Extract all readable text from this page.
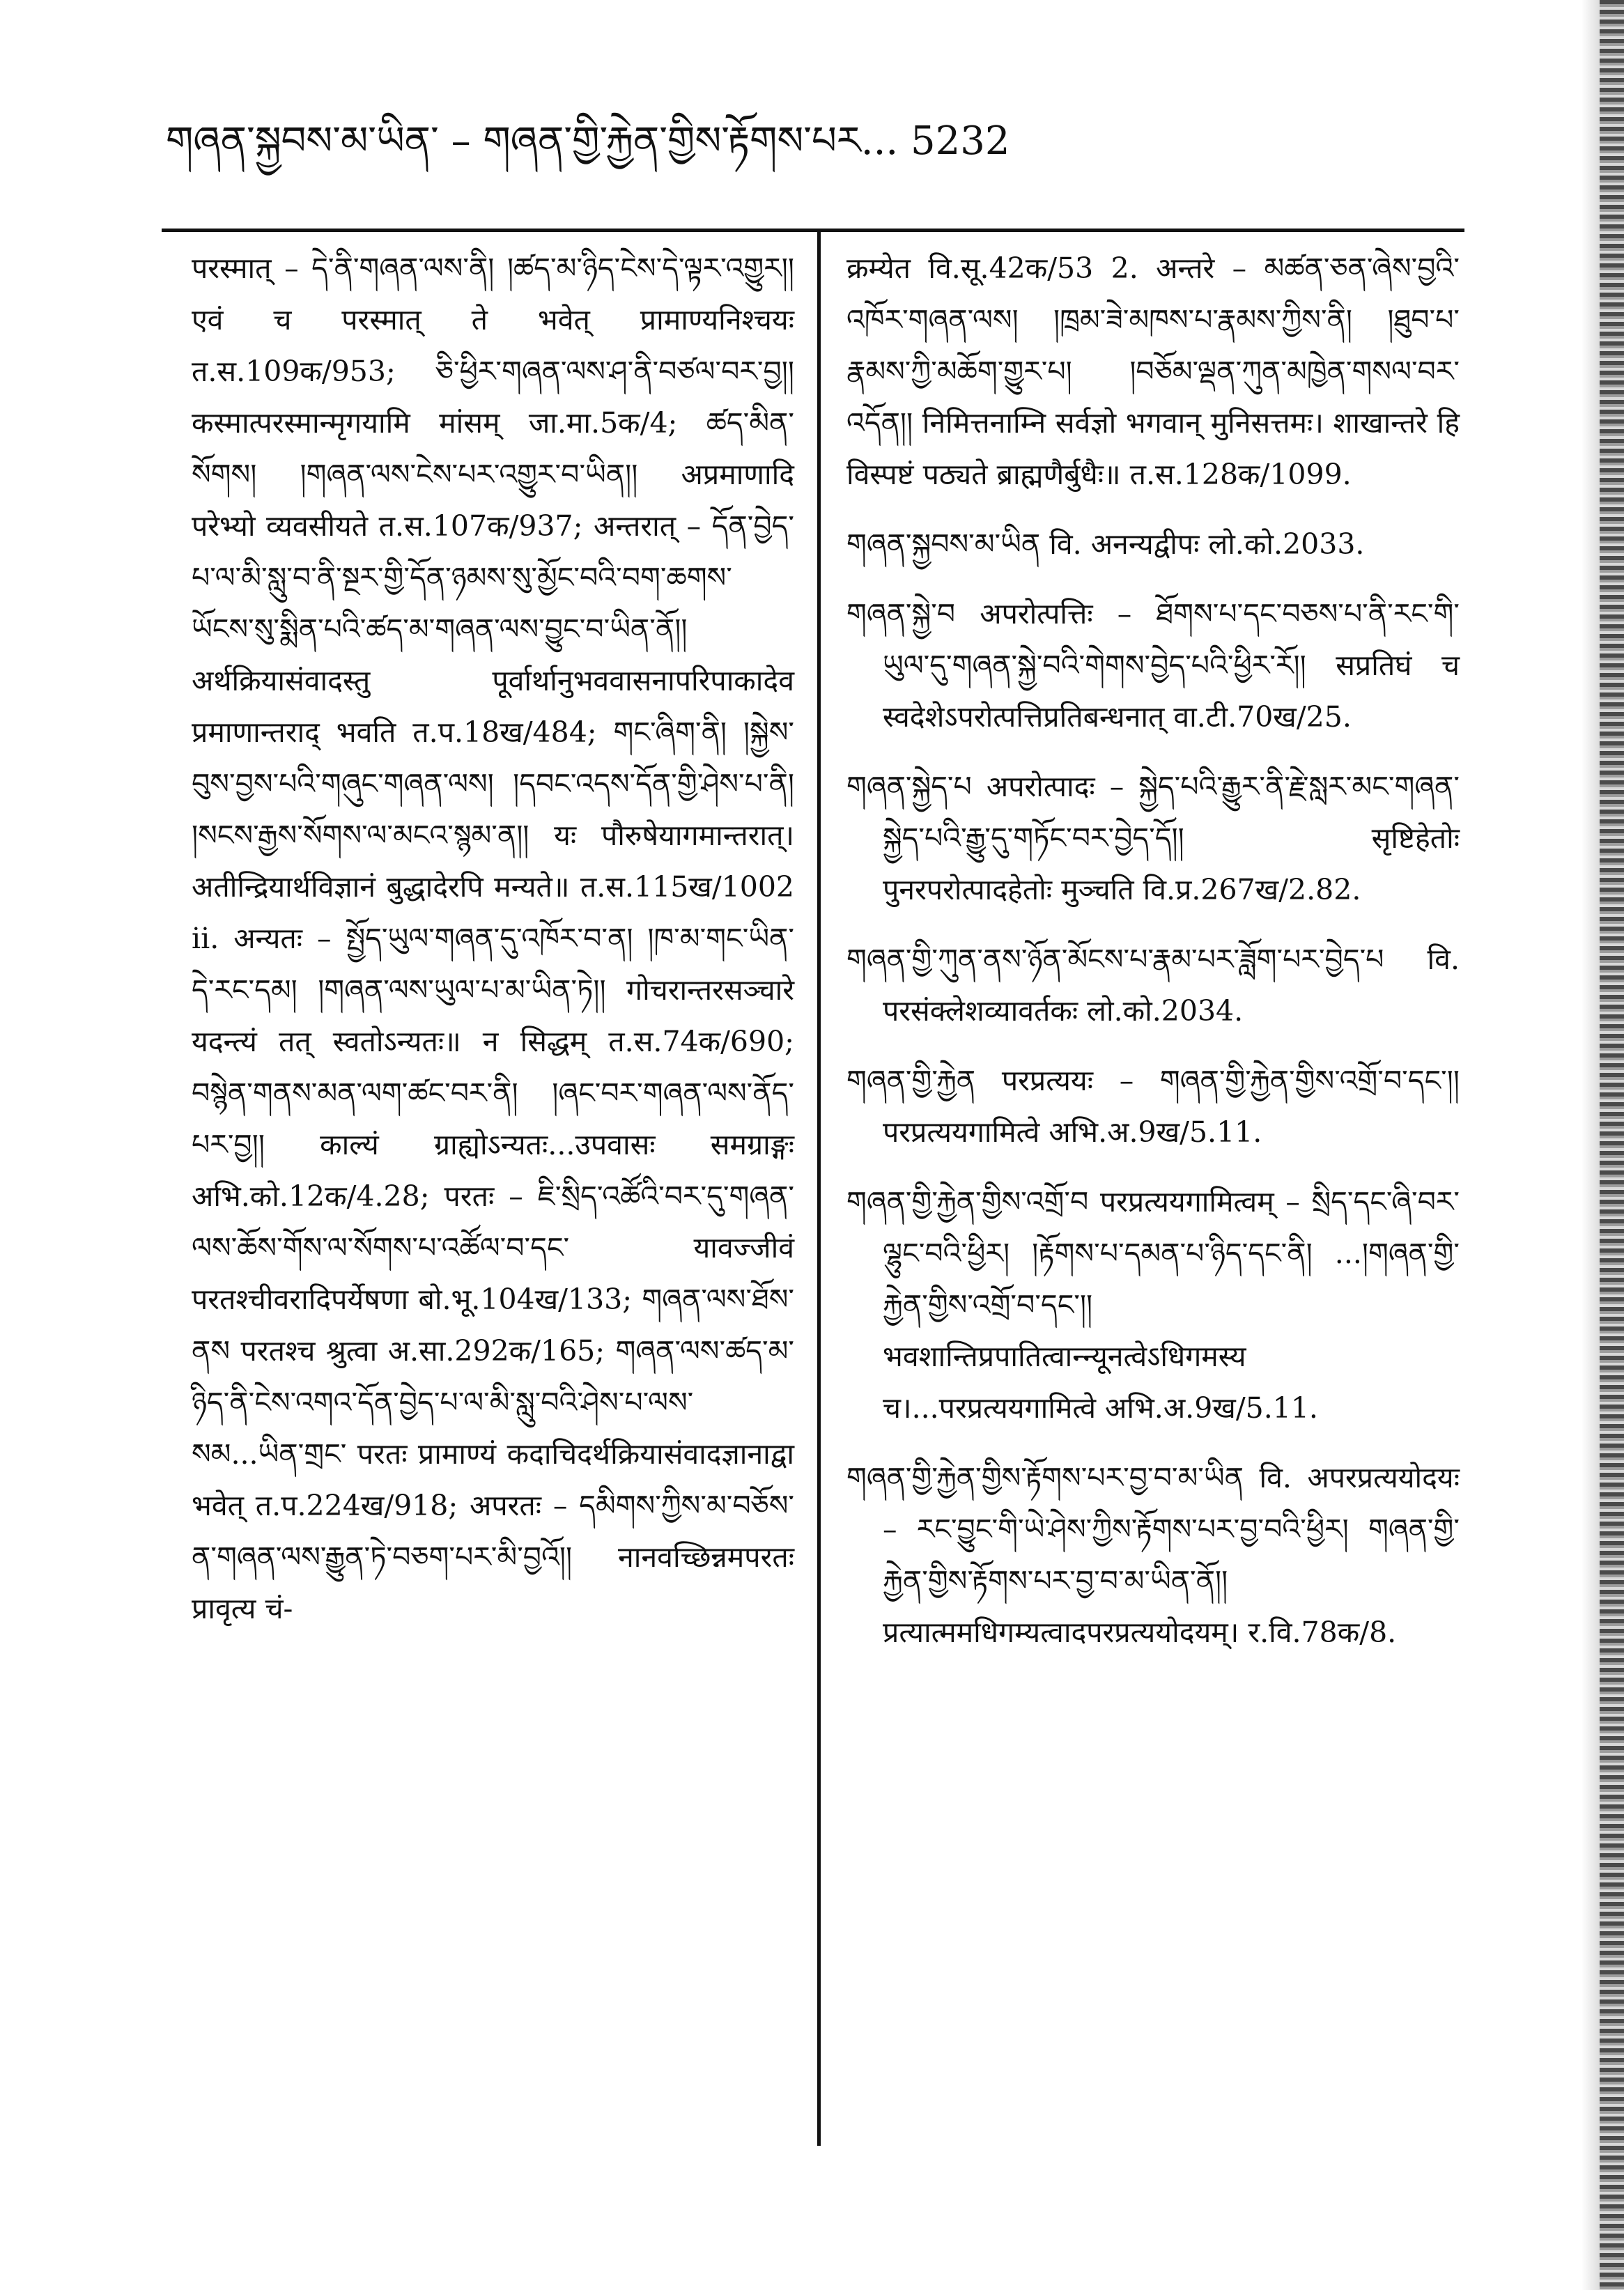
གཞན་སྐྱབས་མ་ཡིན་ – གཞན་གྱི་རྐྱེན་གྱིས་རྟོགས་པར... 5232

परस्मात् – དེ་ནི་གཞན་ལས་ནི། །ཚད་མ་ཉིད་ངེས་དེ་ལྟར་འགྱུར།། एवं च परस्मात् ते भवेत् प्रामाण्यनिश्चयः त.स.109क/953; ཅི་ཕྱིར་གཞན་ལས་ཤ་ནི་བཙལ་བར་བྱ།། कस्मात्परस्मान्मृगयामि मांसम् जा.मा.5क/4; ཚད་མིན་སོགས། །གཞན་ལས་ངེས་པར་འགྱུར་བ་ཡིན།། अप्रमाणादि परेभ्यो व्यवसीयते त.स.107क/937; अन्तरात् – དོན་བྱེད་པ་ལ་མི་སླུ་བ་ནི་སྔར་གྱི་དོན་ཉམས་སུ་མྱོང་བའི་བག་ཆགས་ཡོངས་སུ་སྨིན་པའི་ཚད་མ་གཞན་ལས་བྱུང་བ་ཡིན་ནོ།། अर्थक्रियासंवादस्तु पूर्वार्थानुभववासनापरिपाकादेव प्रमाणान्तराद् भवति त.प.18ख/484; གང་ཞིག་ནི། །སྐྱེས་བུས་བྱས་པའི་གཞུང་གཞན་ལས། །དབང་འདས་དོན་གྱི་ཤེས་པ་ནི། །སངས་རྒྱས་སོགས་ལ་མངའ་སྙམ་ན།། यः पौरुषेयागमान्तरात्। अतीन्द्रियार्थविज्ञानं बुद्धादेरपि मन्यते॥ त.स.115ख/1002 ii. अन्यतः – སྤྱོད་ཡུལ་གཞན་དུ་འཁོར་བ་ན། །ཁ་མ་གང་ཡིན་དེ་རང་དམ། །གཞན་ལས་ཡུལ་པ་མ་ཡིན་ཏེ།། गोचरान्तरसञ्चारे यदन्त्यं तत् स्वतोऽन्यतः॥ न सिद्धम् त.स.74क/690; བསྙེན་གནས་མན་ལག་ཚང་བར་ནི། །ཞང་བར་གཞན་ལས་ནོད་པར་བྱ།། काल्यं ग्राह्योऽन्यतः...उपवासः समग्राङ्गः अभि.को.12क/4.28; परतः – ཇི་སྲིད་འཚོའི་བར་དུ་གཞན་ལས་ཆོས་གོས་ལ་སོགས་པ་འཚོལ་བ་དང་ यावज्जीवं परतश्चीवरादिपर्येषणा बो.भू.104ख/133; གཞན་ལས་ཐོས་ནས परतश्च श्रुत्वा अ.सा.292क/165; གཞན་ལས་ཚད་མ་ཉིད་ནི་ངེས་འགའ་དོན་བྱེད་པ་ལ་མི་སླུ་བའི་ཤེས་པ་ལས་སམ...ཡིན་གྲང་ परतः प्रामाण्यं कदाचिदर्थक्रियासंवादज्ञानाद्वा भवेत् त.प.224ख/918; अपरतः – དམིགས་ཀྱིས་མ་བཅོས་ན་གཞན་ལས་རྒྱུན་ཏེ་བཅག་པར་མི་བྱའོ།། नानवच्छिन्नमपरतः प्रावृत्य चं-

क्रम्येत वि.सू.42क/53 2. अन्तरे – མཚན་ཅན་ཞེས་བྱའི་འཁོར་གཞན་ལས། །ཁྲམ་ཟེ་མཁས་པ་རྣམས་ཀྱིས་ནི། །ཐུབ་པ་རྣམས་ཀྱི་མཆོག་གྱུར་པ། །བཅོམ་ལྡན་ཀུན་མཁྱེན་གསལ་བར་འདོན།། निमित्तनाम्नि सर्वज्ञो भगवान् मुनिसत्तमः। शाखान्तरे हि विस्पष्टं पठ्यते ब्राह्मणैर्बुधैः॥ त.स.128क/1099.

གཞན་སྐྱབས་མ་ཡིན वि. अनन्यद्वीपः लो.को.2033.

གཞན་སྐྱེ་བ अपरोत्पत्तिः – ཐོགས་པ་དང་བཅས་པ་ནི་རང་གི་ཡུལ་དུ་གཞན་སྐྱེ་བའི་གེགས་བྱེད་པའི་ཕྱིར་རོ།། सप्रतिघं च स्वदेशेऽपरोत्पत्तिप्रतिबन्धनात् वा.टी.70ख/25.

གཞན་སྐྱེད་པ अपरोत्पादः – སྐྱེད་པའི་རྒྱུར་ནི་རྗེ་སླར་མང་གཞན་སྐྱེད་པའི་རྒྱུ་དུ་གཏོང་བར་བྱེད་དོ།། सृष्टिहेतोः पुनरपरोत्पादहेतोः मुञ्चति वि.प्र.267ख/2.82.

གཞན་གྱི་ཀུན་ནས་ཉོན་མོངས་པ་རྣམ་པར་ཟློག་པར་བྱེད་པ वि. परसंक्लेशव्यावर्तकः लो.को.2034.

གཞན་གྱི་རྐྱེན परप्रत्ययः – གཞན་གྱི་རྐྱེན་གྱིས་འགྲོ་བ་དང་།། परप्रत्ययगामित्वे अभि.अ.9ख/5.11.

གཞན་གྱི་རྐྱེན་གྱིས་འགྲོ་བ परप्रत्ययगामित्वम् – སྲིད་དང་ཞི་བར་ལྷུང་བའི་ཕྱིར། །རྟོགས་པ་དམན་པ་ཉིད་དང་ནི། ...།གཞན་གྱི་རྐྱེན་གྱིས་འགྲོ་བ་དང་།། भवशान्तिप्रपातित्वान्न्यूनत्वेऽधिगमस्य च।...परप्रत्ययगामित्वे अभि.अ.9ख/5.11.

གཞན་གྱི་རྐྱེན་གྱིས་རྟོགས་པར་བྱ་བ་མ་ཡིན वि. अपरप्रत्ययोदयः – རང་བྱུང་གི་ཡེ་ཤེས་ཀྱིས་རྟོགས་པར་བྱ་བའི་ཕྱིར། གཞན་གྱི་རྐྱེན་གྱིས་རྟོགས་པར་བྱ་བ་མ་ཡིན་ནོ།། प्रत्यात्ममधिगम्यत्वादपरप्रत्ययोदयम्। र.वि.78क/8.
